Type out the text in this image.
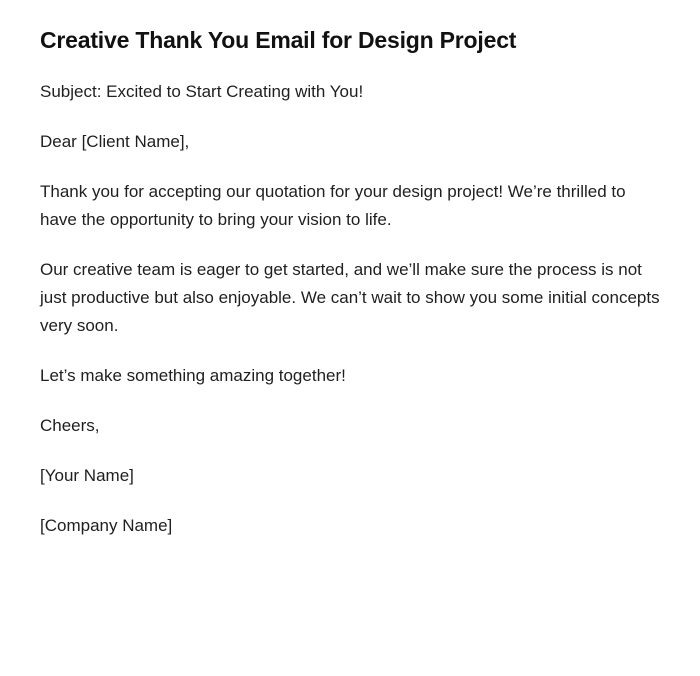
Creative Thank You Email for Design Project

Subject: Excited to Start Creating with You!

Dear [Client Name],

Thank you for accepting our quotation for your design project! We’re thrilled to have the opportunity to bring your vision to life.

Our creative team is eager to get started, and we’ll make sure the process is not just productive but also enjoyable. We can’t wait to show you some initial concepts very soon.

Let’s make something amazing together!

Cheers,

[Your Name]

[Company Name]
